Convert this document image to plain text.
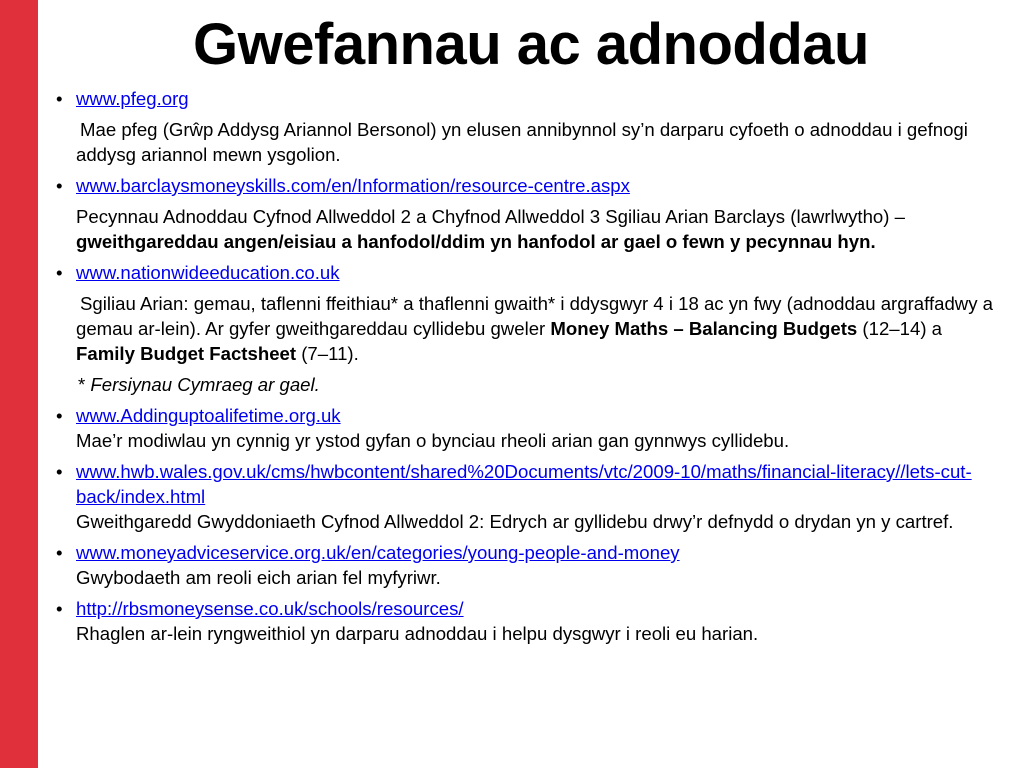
Gwefannau ac adnoddau
• www.pfeg.org

Mae pfeg (Grŵp Addysg Ariannol Bersonol) yn elusen annibynnol sy’n darparu cyfoeth o adnoddau i gefnogi addysg ariannol mewn ysgolion.

• www.barclaysmoneyskills.com/en/Information/resource-centre.aspx

Pecynnau Adnoddau Cyfnod Allweddol 2 a Chyfnod Allweddol 3 Sgiliau Arian Barclays (lawrlwytho) – gweithgareddau angen/eisiau a hanfodol/ddim yn hanfodol ar gael o fewn y pecynnau hyn.

• www.nationwideeducation.co.uk

Sgiliau Arian: gemau, taflenni ffeithiau* a thaflenni gwaith* i ddysgwyr 4 i 18 ac yn fwy (adnoddau argraffadwy a gemau ar-lein). Ar gyfer gweithgareddau cyllidebu gweler Money Maths – Balancing Budgets (12–14) a Family Budget Factsheet (7–11).

* Fersiynau Cymraeg ar gael.

• www.Addinguptoalifetime.org.uk

Mae’r modiwlau yn cynnig yr ystod gyfan o bynciau rheoli arian gan gynnwys cyllidebu.

• www.hwb.wales.gov.uk/cms/hwbcontent/shared%20Documents/vtc/2009-10/maths/financial-literacy//lets-cut-back/index.html

Gweithgaredd Gwyddoniaeth Cyfnod Allweddol 2: Edrych ar gyllidebu drwy’r defnydd o drydan yn y cartref.

• www.moneyadviceservice.org.uk/en/categories/young-people-and-money

Gwybodaeth am reoli eich arian fel myfyriwr.

• http://rbsmoneysense.co.uk/schools/resources/

Rhaglen ar-lein ryngweithiol yn darparu adnoddau i helpu dysgwyr i reoli eu harian.
